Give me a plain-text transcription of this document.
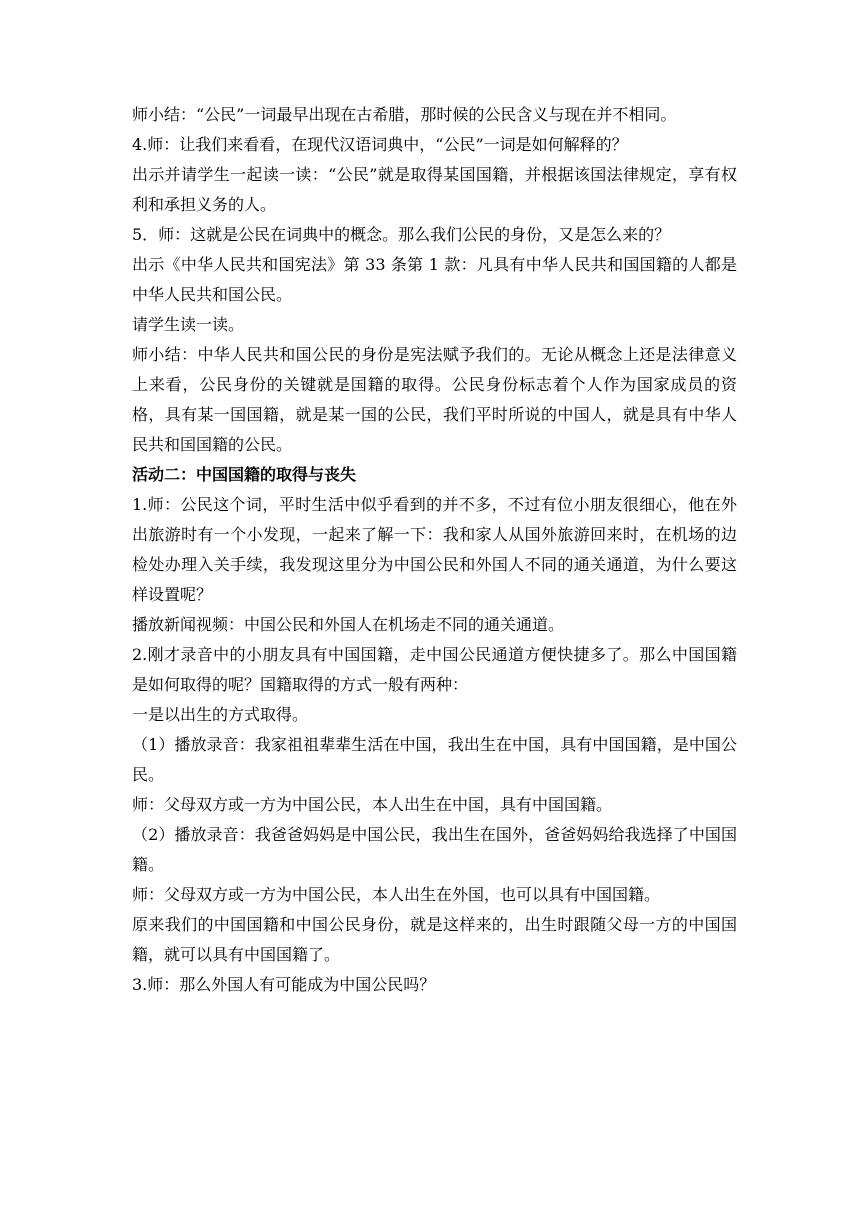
师小结：“公民”一词最早出现在古希腊，那时候的公民含义与现在并不相同。

4.师：让我们来看看，在现代汉语词典中，“公民”一词是如何解释的？

出示并请学生一起读一读：“公民”就是取得某国国籍，并根据该国法律规定，享有权利和承担义务的人。

5．师：这就是公民在词典中的概念。那么我们公民的身份，又是怎么来的？

出示《中华人民共和国宪法》第 33 条第 1 款：凡具有中华人民共和国国籍的人都是中华人民共和国公民。

请学生读一读。

师小结：中华人民共和国公民的身份是宪法赋予我们的。无论从概念上还是法律意义上来看，公民身份的关键就是国籍的取得。公民身份标志着个人作为国家成员的资格，具有某一国国籍，就是某一国的公民，我们平时所说的中国人，就是具有中华人民共和国国籍的公民。

活动二：中国国籍的取得与丧失

1.师：公民这个词，平时生活中似乎看到的并不多，不过有位小朋友很细心，他在外出旅游时有一个小发现，一起来了解一下：我和家人从国外旅游回来时，在机场的边检处办理入关手续，我发现这里分为中国公民和外国人不同的通关通道，为什么要这样设置呢？

播放新闻视频：中国公民和外国人在机场走不同的通关通道。

2.刚才录音中的小朋友具有中国国籍，走中国公民通道方便快捷多了。那么中国国籍是如何取得的呢？国籍取得的方式一般有两种：

一是以出生的方式取得。

（1）播放录音：我家祖祖辈辈生活在中国，我出生在中国，具有中国国籍，是中国公民。

师：父母双方或一方为中国公民，本人出生在中国，具有中国国籍。

（2）播放录音：我爸爸妈妈是中国公民，我出生在国外，爸爸妈妈给我选择了中国国籍。

师：父母双方或一方为中国公民，本人出生在外国，也可以具有中国国籍。

原来我们的中国国籍和中国公民身份，就是这样来的，出生时跟随父母一方的中国国籍，就可以具有中国国籍了。

3.师：那么外国人有可能成为中国公民吗？
